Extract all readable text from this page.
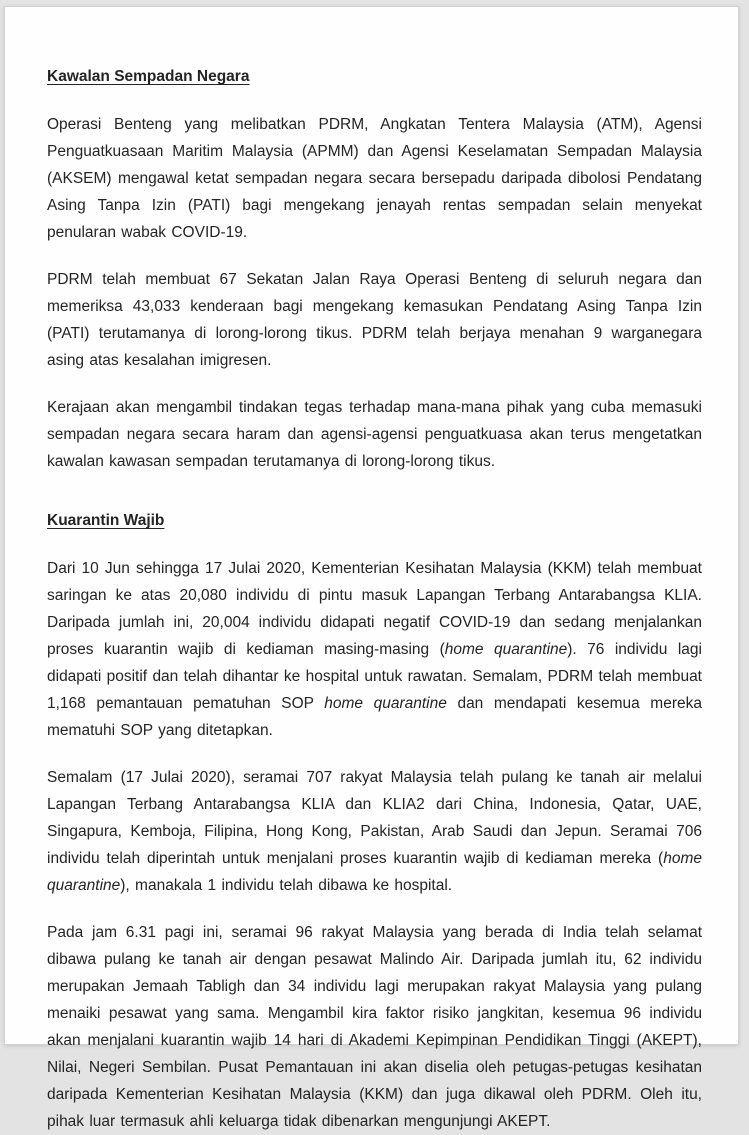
Kawalan Sempadan Negara

Operasi Benteng yang melibatkan PDRM, Angkatan Tentera Malaysia (ATM), Agensi Penguatkuasaan Maritim Malaysia (APMM) dan Agensi Keselamatan Sempadan Malaysia (AKSEM) mengawal ketat sempadan negara secara bersepadu daripada dibolosi Pendatang Asing Tanpa Izin (PATI) bagi mengekang jenayah rentas sempadan selain menyekat penularan wabak COVID-19.

PDRM telah membuat 67 Sekatan Jalan Raya Operasi Benteng di seluruh negara dan memeriksa 43,033 kenderaan bagi mengekang kemasukan Pendatang Asing Tanpa Izin (PATI) terutamanya di lorong-lorong tikus. PDRM telah berjaya menahan 9 warganegara asing atas kesalahan imigresen.

Kerajaan akan mengambil tindakan tegas terhadap mana-mana pihak yang cuba memasuki sempadan negara secara haram dan agensi-agensi penguatkuasa akan terus mengetatkan kawalan kawasan sempadan terutamanya di lorong-lorong tikus.

Kuarantin Wajib

Dari 10 Jun sehingga 17 Julai 2020, Kementerian Kesihatan Malaysia (KKM) telah membuat saringan ke atas 20,080 individu di pintu masuk Lapangan Terbang Antarabangsa KLIA. Daripada jumlah ini, 20,004 individu didapati negatif COVID-19 dan sedang menjalankan proses kuarantin wajib di kediaman masing-masing (home quarantine). 76 individu lagi didapati positif dan telah dihantar ke hospital untuk rawatan. Semalam, PDRM telah membuat 1,168 pemantauan pematuhan SOP home quarantine dan mendapati kesemua mereka mematuhi SOP yang ditetapkan.

Semalam (17 Julai 2020), seramai 707 rakyat Malaysia telah pulang ke tanah air melalui Lapangan Terbang Antarabangsa KLIA dan KLIA2 dari China, Indonesia, Qatar, UAE, Singapura, Kemboja, Filipina, Hong Kong, Pakistan, Arab Saudi dan Jepun. Seramai 706 individu telah diperintah untuk menjalani proses kuarantin wajib di kediaman mereka (home quarantine), manakala 1 individu telah dibawa ke hospital.

Pada jam 6.31 pagi ini, seramai 96 rakyat Malaysia yang berada di India telah selamat dibawa pulang ke tanah air dengan pesawat Malindo Air. Daripada jumlah itu, 62 individu merupakan Jemaah Tabligh dan 34 individu lagi merupakan rakyat Malaysia yang pulang menaiki pesawat yang sama. Mengambil kira faktor risiko jangkitan, kesemua 96 individu akan menjalani kuarantin wajib 14 hari di Akademi Kepimpinan Pendidikan Tinggi (AKEPT), Nilai, Negeri Sembilan. Pusat Pemantauan ini akan diselia oleh petugas-petugas kesihatan daripada Kementerian Kesihatan Malaysia (KKM) dan juga dikawal oleh PDRM. Oleh itu, pihak luar termasuk ahli keluarga tidak dibenarkan mengunjungi AKEPT.
